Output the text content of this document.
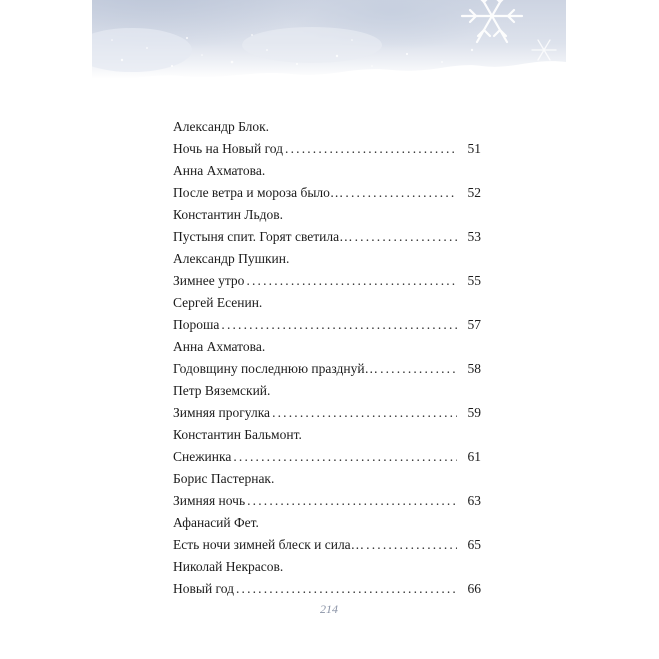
Александр Блок.
Ночь на Новый год . . .	51
Анна Ахматова.
После ветра и мороза было… . . .	52
Константин Льдов.
Пустыня спит. Горят светила… . . .	53
Александр Пушкин.
Зимнее утро . . .	55
Сергей Есенин.
Пороша . . .	57
Анна Ахматова.
Годовщину последнюю празднуй… . . .	58
Петр Вяземский.
Зимняя прогулка . . .	59
Константин Бальмонт.
Снежинка . . .	61
Борис Пастернак.
Зимняя ночь . . .	63
Афанасий Фет.
Есть ночи зимней блеск и сила… . . .	65
Николай Некрасов.
Новый год . . .	66
214
